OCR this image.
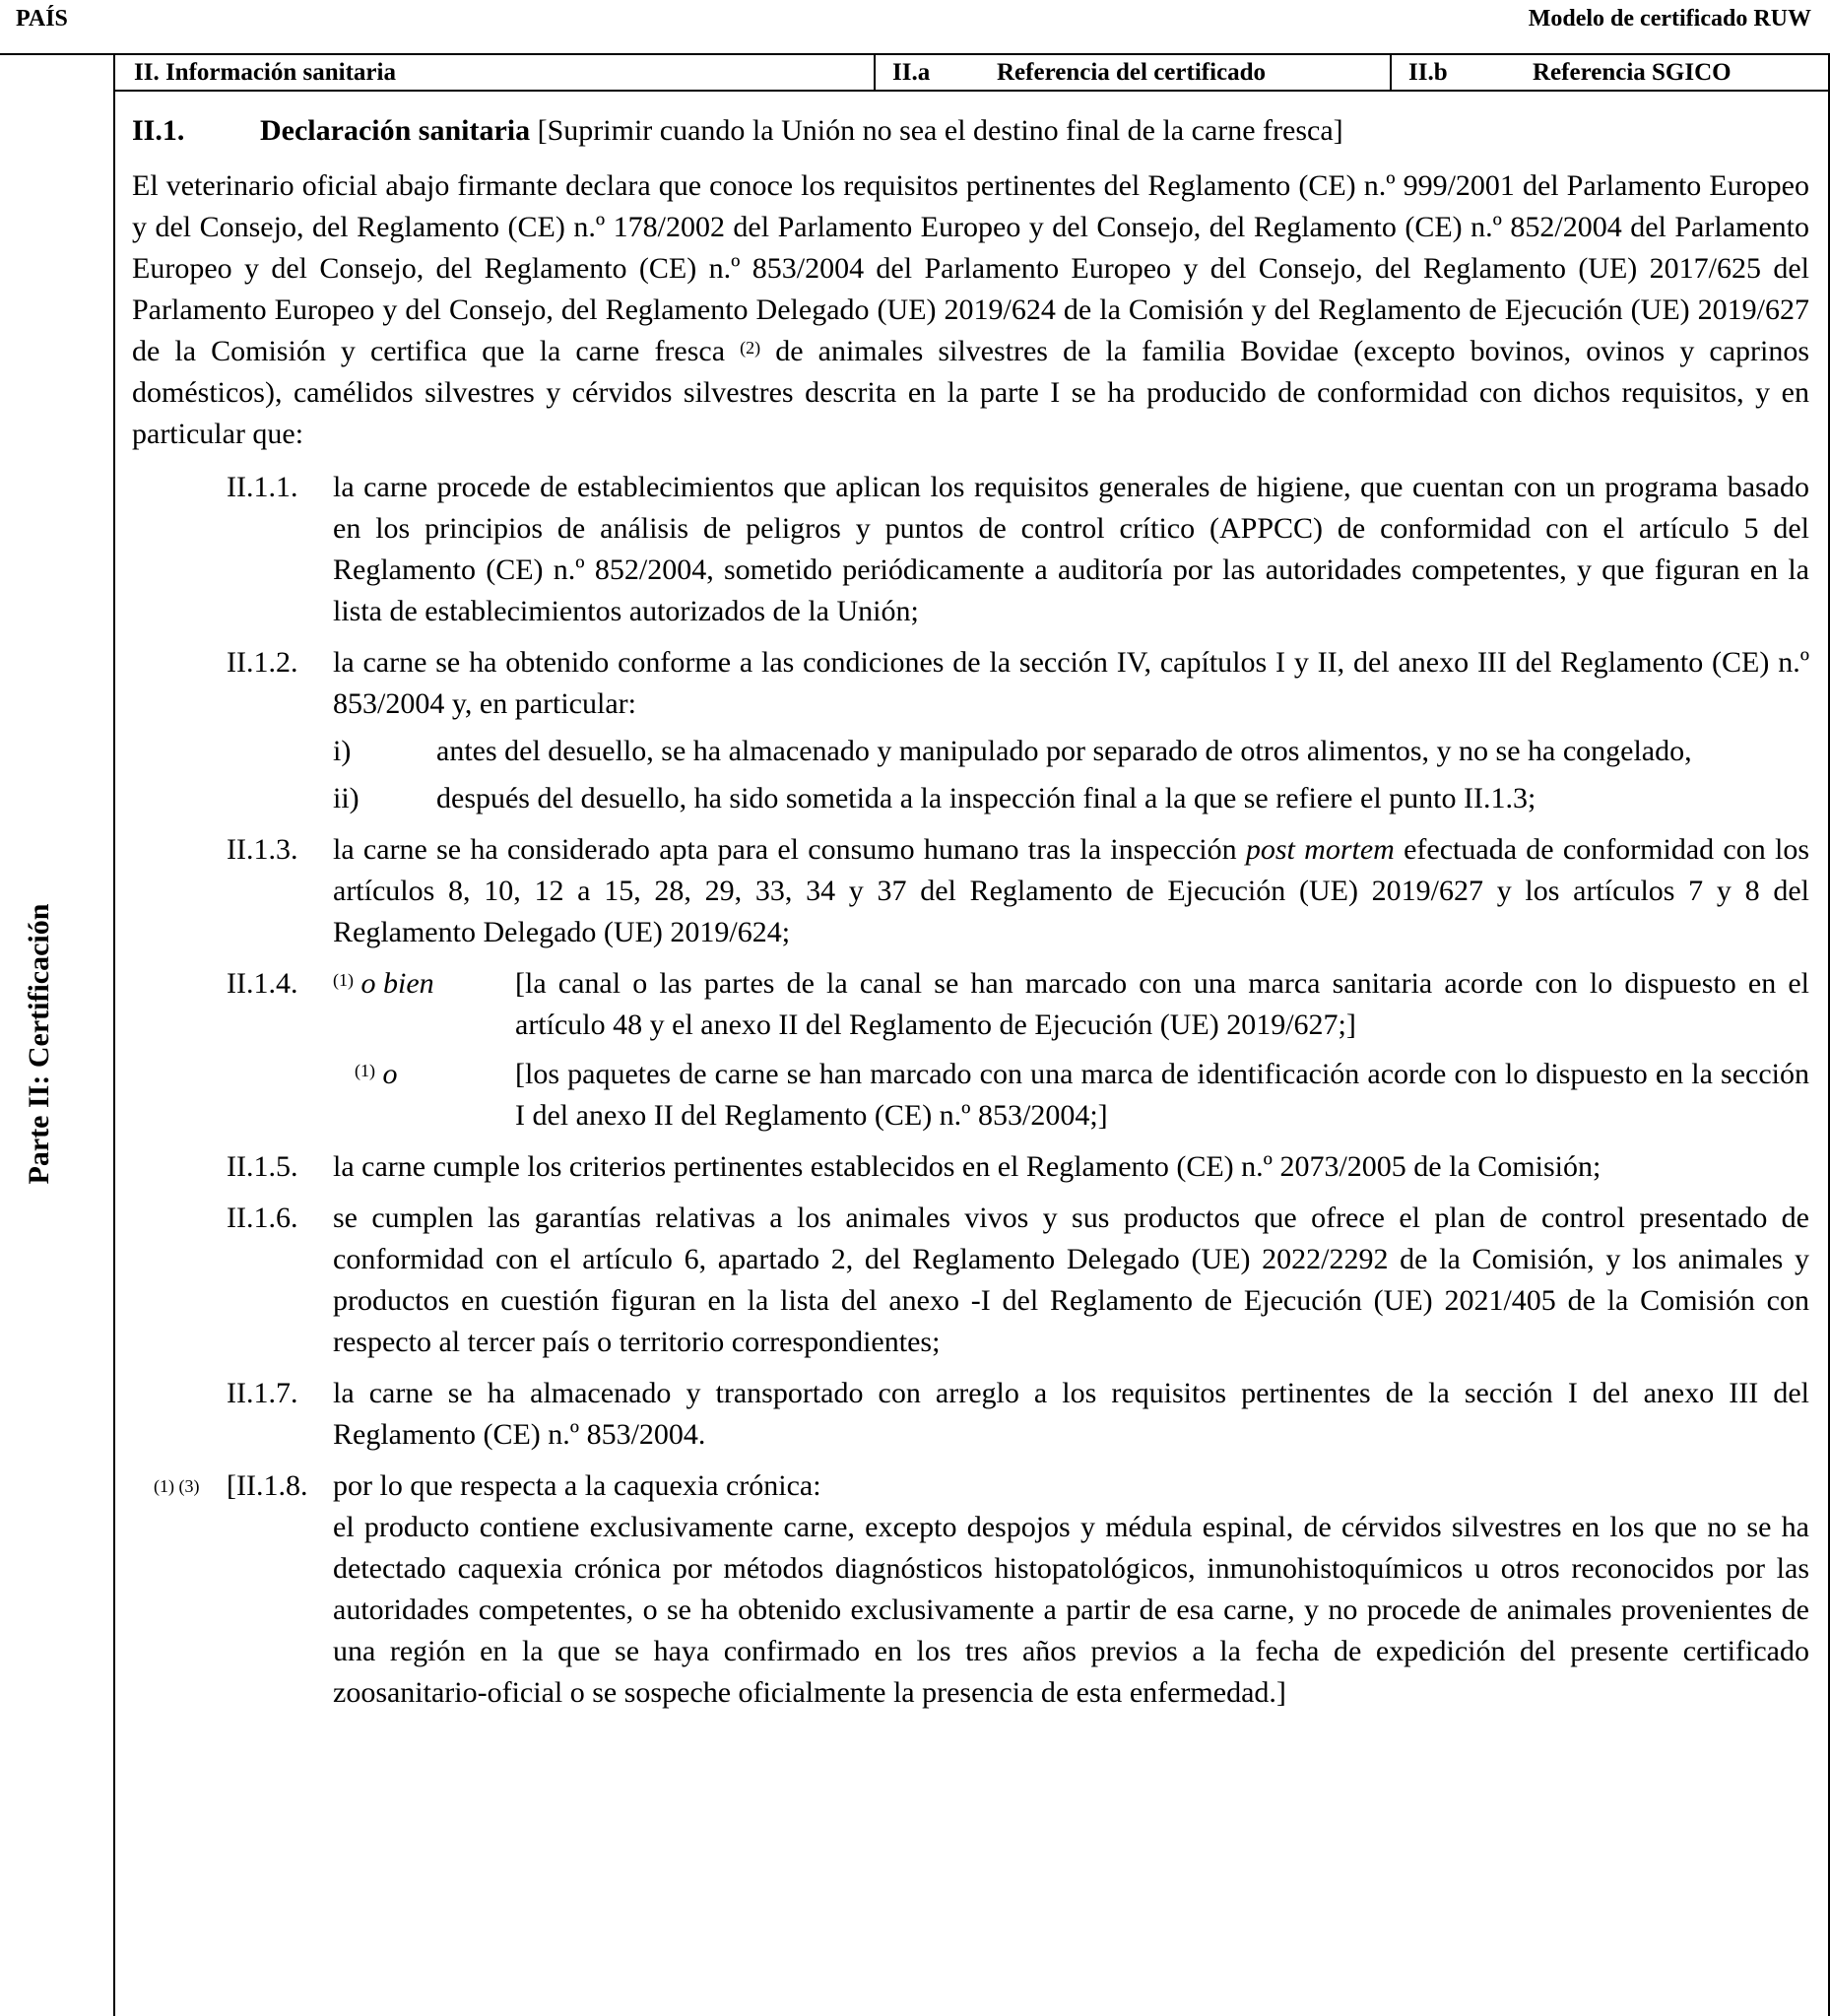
PAÍS	Modelo de certificado RUW
Parte II: Certificación
II. Información sanitaria	II.a	Referencia del certificado	II.b	Referencia SGICO

II.1.	Declaración sanitaria [Suprimir cuando la Unión no sea el destino final de la carne fresca]

El veterinario oficial abajo firmante declara que conoce los requisitos pertinentes del Reglamento (CE) n.º 999/2001 del Parlamento Europeo y del Consejo, del Reglamento (CE) n.º 178/2002 del Parlamento Europeo y del Consejo, del Reglamento (CE) n.º 852/2004 del Parlamento Europeo y del Consejo, del Reglamento (CE) n.º 853/2004 del Parlamento Europeo y del Consejo, del Reglamento (UE) 2017/625 del Parlamento Europeo y del Consejo, del Reglamento Delegado (UE) 2019/624 de la Comisión y del Reglamento de Ejecución (UE) 2019/627 de la Comisión y certifica que la carne fresca $^{(2)}$ de animales silvestres de la familia Bovidae (excepto bovinos, ovinos y caprinos domésticos), camélidos silvestres y cérvidos silvestres descrita en la parte I se ha producido de conformidad con dichos requisitos, y en particular que:

II.1.1. la carne procede de establecimientos que aplican los requisitos generales de higiene, que cuentan con un programa basado en los principios de análisis de peligros y puntos de control crítico (APPCC) de conformidad con el artículo 5 del Reglamento (CE) n.º 852/2004, sometido periódicamente a auditoría por las autoridades competentes, y que figuran en la lista de establecimientos autorizados de la Unión;

II.1.2. la carne se ha obtenido conforme a las condiciones de la sección IV, capítulos I y II, del anexo III del Reglamento (CE) n.º 853/2004 y, en particular:

i)	antes del desuello, se ha almacenado y manipulado por separado de otros alimentos, y no se ha congelado,

ii)	después del desuello, ha sido sometida a la inspección final a la que se refiere el punto II.1.3;

II.1.3. la carne se ha considerado apta para el consumo humano tras la inspección post mortem efectuada de conformidad con los artículos 8, 10, 12 a 15, 28, 29, 33, 34 y 37 del Reglamento de Ejecución (UE) 2019/627 y los artículos 7 y 8 del Reglamento Delegado (UE) 2019/624;

II.1.4. $^{(1)}$ o bien	[la canal o las partes de la canal se han marcado con una marca sanitaria acorde con lo dispuesto en el artículo 48 y el anexo II del Reglamento de Ejecución (UE) 2019/627;]

$^{(1)}$ o	[los paquetes de carne se han marcado con una marca de identificación acorde con lo dispuesto en la sección I del anexo II del Reglamento (CE) n.º 853/2004;]

II.1.5. la carne cumple los criterios pertinentes establecidos en el Reglamento (CE) n.º 2073/2005 de la Comisión;

II.1.6. se cumplen las garantías relativas a los animales vivos y sus productos que ofrece el plan de control presentado de conformidad con el artículo 6, apartado 2, del Reglamento Delegado (UE) 2022/2292 de la Comisión, y los animales y productos en cuestión figuran en la lista del anexo -I del Reglamento de Ejecución (UE) 2021/405 de la Comisión con respecto al tercer país o territorio correspondientes;

II.1.7. la carne se ha almacenado y transportado con arreglo a los requisitos pertinentes de la sección I del anexo III del Reglamento (CE) n.º 853/2004.

(1) (3) [II.1.8. por lo que respecta a la caquexia crónica:

el producto contiene exclusivamente carne, excepto despojos y médula espinal, de cérvidos silvestres en los que no se ha detectado caquexia crónica por métodos diagnósticos histopatológicos, inmunohistoquímicos u otros reconocidos por las autoridades competentes, o se ha obtenido exclusivamente a partir de esa carne, y no procede de animales provenientes de una región en la que se haya confirmado en los tres años previos a la fecha de expedición del presente certificado zoosanitario-oficial o se sospeche oficialmente la presencia de esta enfermedad.]
